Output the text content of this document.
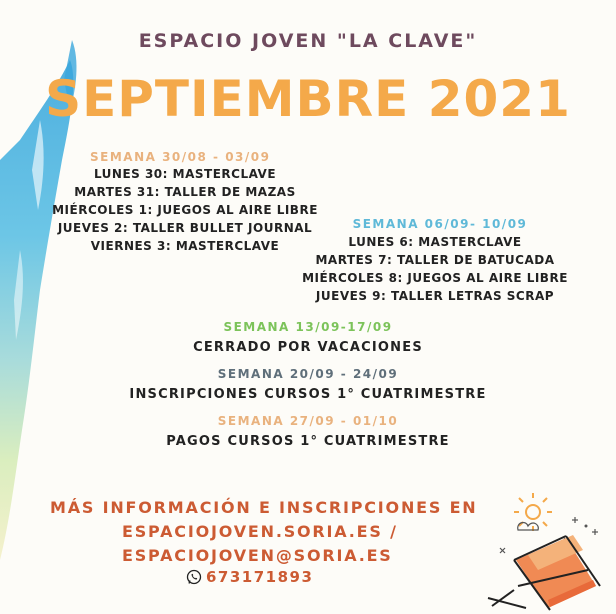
ESPACIO JOVEN "LA CLAVE"
SEPTIEMBRE 2021
SEMANA 30/08 - 03/09
LUNES 30: MASTERCLAVE
MARTES 31: TALLER DE MAZAS
MIÉRCOLES 1: JUEGOS AL AIRE LIBRE
JUEVES 2: TALLER BULLET JOURNAL
VIERNES 3: MASTERCLAVE
SEMANA 06/09- 10/09
LUNES 6: MASTERCLAVE
MARTES 7: TALLER DE BATUCADA
MIÉRCOLES 8: JUEGOS AL AIRE LIBRE
JUEVES 9: TALLER LETRAS SCRAP
SEMANA 13/09-17/09
CERRADO POR VACACIONES
SEMANA 20/09 - 24/09
INSCRIPCIONES CURSOS 1° CUATRIMESTRE
SEMANA 27/09 - 01/10
PAGOS CURSOS 1° CUATRIMESTRE
MÁS INFORMACIÓN E INSCRIPCIONES EN
ESPACIOJOVEN.SORIA.ES /
ESPACIOJOVEN@SORIA.ES
673171893
